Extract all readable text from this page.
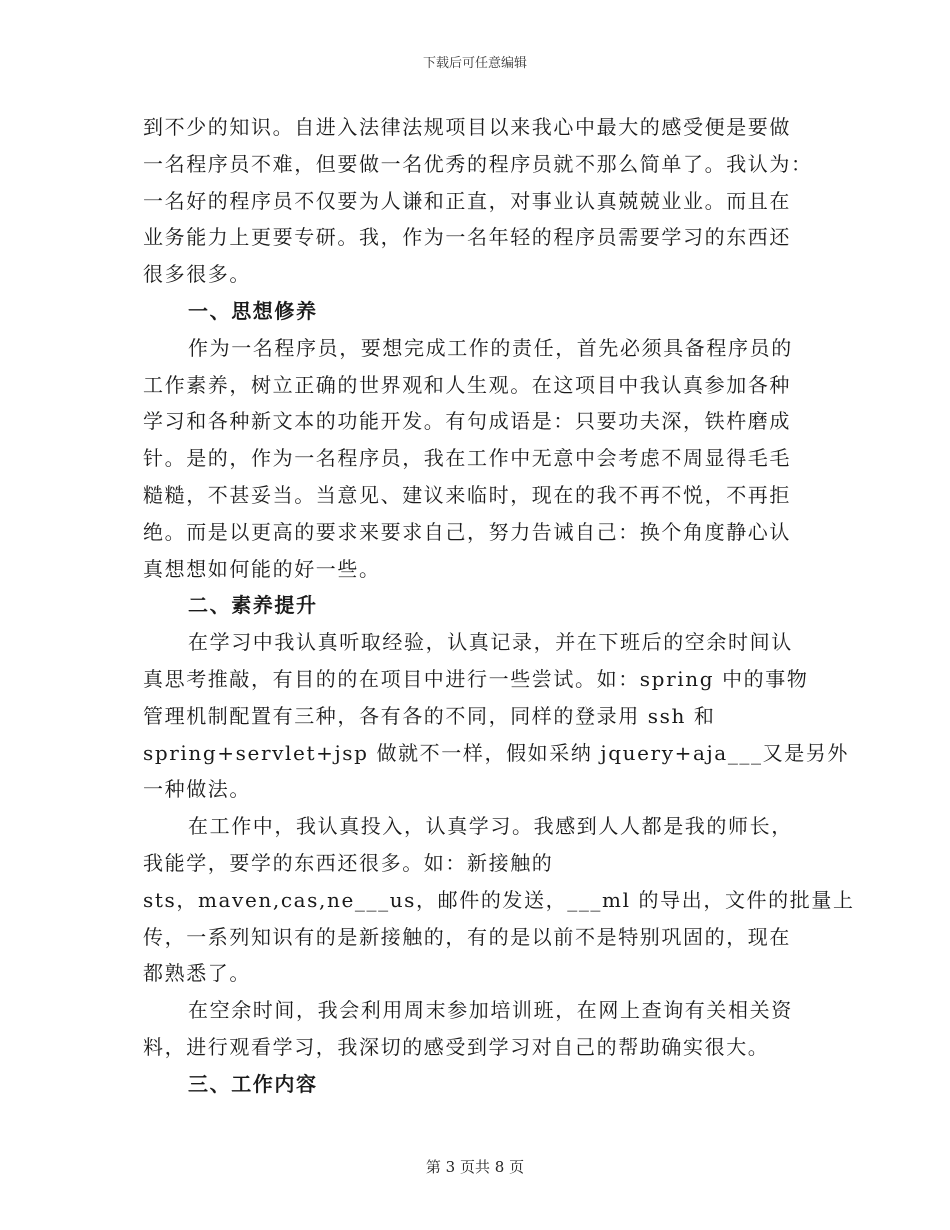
下载后可任意编辑
到不少的知识。自进入法律法规项目以来我心中最大的感受便是要做
一名程序员不难，但要做一名优秀的程序员就不那么简单了。我认为：
一名好的程序员不仅要为人谦和正直，对事业认真兢兢业业。而且在
业务能力上更要专研。我，作为一名年轻的程序员需要学习的东西还
很多很多。
一、思想修养
作为一名程序员，要想完成工作的责任，首先必须具备程序员的
工作素养，树立正确的世界观和人生观。在这项目中我认真参加各种
学习和各种新文本的功能开发。有句成语是：只要功夫深，铁杵磨成
针。是的，作为一名程序员，我在工作中无意中会考虑不周显得毛毛
糙糙，不甚妥当。当意见、建议来临时，现在的我不再不悦，不再拒
绝。而是以更高的要求来要求自己，努力告诫自己：换个角度静心认
真想想如何能的好一些。
二、素养提升
在学习中我认真听取经验，认真记录，并在下班后的空余时间认
真思考推敲，有目的的在项目中进行一些尝试。如：spring 中的事物
管理机制配置有三种，各有各的不同，同样的登录用 ssh 和
spring+servlet+jsp 做就不一样，假如采纳 jquery+aja___又是另外
一种做法。
在工作中，我认真投入，认真学习。我感到人人都是我的师长，
我能学，要学的东西还很多。如：新接触的
sts，maven,cas,ne___us，邮件的发送，___ml 的导出，文件的批量上
传，一系列知识有的是新接触的，有的是以前不是特别巩固的，现在
都熟悉了。
在空余时间，我会利用周末参加培训班，在网上查询有关相关资
料，进行观看学习，我深切的感受到学习对自己的帮助确实很大。
三、工作内容
第 3 页共 8 页
